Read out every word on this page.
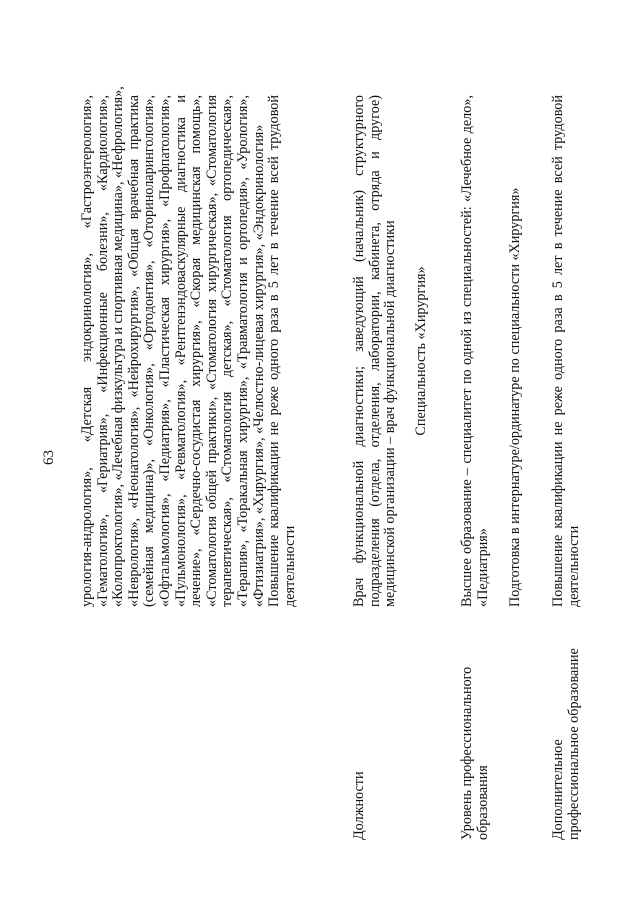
63 урология-андрология», «Детская эндокринология», «Гастроэнтерология», «Гематология», «Гериатрия», «Инфекционные болезни», «Кардиология», «Колопроктология», «Лечебная физкультура и спортивная медицина», «Нефрология», «Неврология», «Неонатология», «Нейрохирургия», «Общая врачебная практика (семейная медицина)», «Онкология», «Ортодонтия», «Оториноларингология», «Офтальмология», «Педиатрия», «Пластическая хирургия», «Профпатология», «Пульмонология», «Ревматология», «Рентгенэндоваскулярные диагностика и лечение», «Сердечно-сосудистая хирургия», «Скорая медицинская помощь», «Стоматология общей практики», «Стоматология хирургическая», «Стоматология терапевтическая», «Стоматология детская», «Стоматология ортопедическая», «Терапия», «Торакальная хирургия», «Травматология и ортопедия», «Урология», «Фтизиатрия», «Хирургия», «Челюстно-лицевая хирургия», «Эндокринология» Повышение квалификации не реже одного раза в 5 лет в течение всей трудовой деятельности
Должности
Врач функциональной диагностики; заведующий (начальник) структурного подразделения (отдела, отделения, лаборатории, кабинета, отряда и другое) медицинской организации – врач функциональной диагностики Специальность «Хирургия»
Уровень профессионального образования
Высшее образование – специалитет по одной из специальностей: «Лечебное дело», «Педиатрия» Подготовка в интернатуре/ординатуре по специальности «Хирургия»
Дополнительное профессиональное образование
Повышение квалификации не реже одного раза в 5 лет в течение всей трудовой деятельности
